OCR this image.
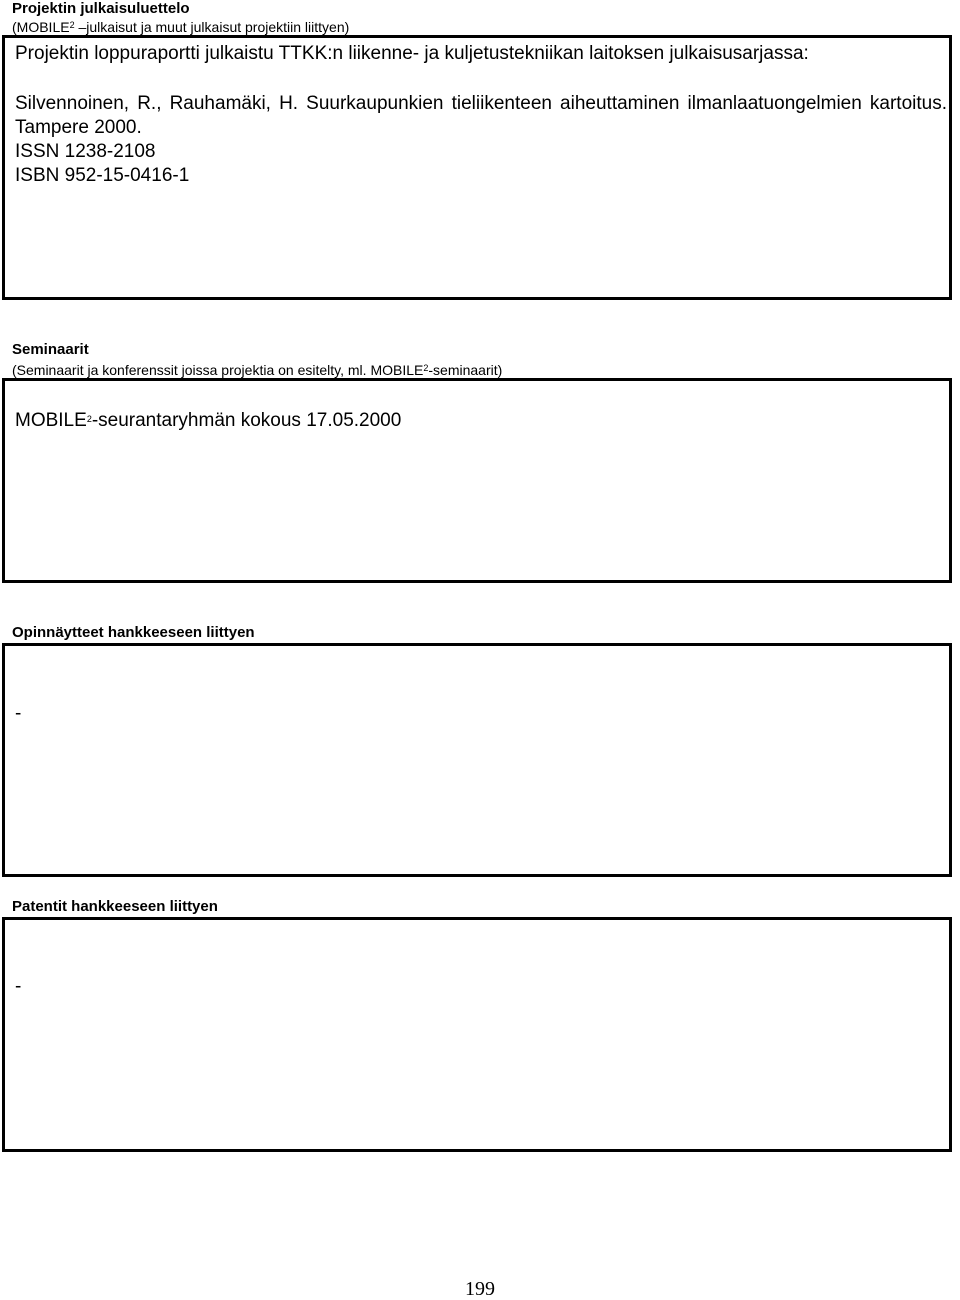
Projektin julkaisuluettelo
(MOBILE$^2$ –julkaisut ja muut julkaisut projektiin liittyen)
Projektin loppuraportti julkaistu TTKK:n liikenne- ja kuljetustekniikan laitoksen julkaisusarjassa:
Silvennoinen, R., Rauhamäki, H. Suurkaupunkien tieliikenteen aiheuttaminen ilmanlaatuongelmien kartoitus. Tampere 2000.
ISSN 1238-2108
ISBN 952-15-0416-1
Seminaarit
(Seminaarit ja konferenssit joissa projektia on esitelty, ml. MOBILE$^2$-seminaarit)
MOBILE$^2$-seurantaryhmän kokous 17.05.2000
Opinnäytteet hankkeeseen liittyen
-
Patentit hankkeeseen liittyen
-
199
